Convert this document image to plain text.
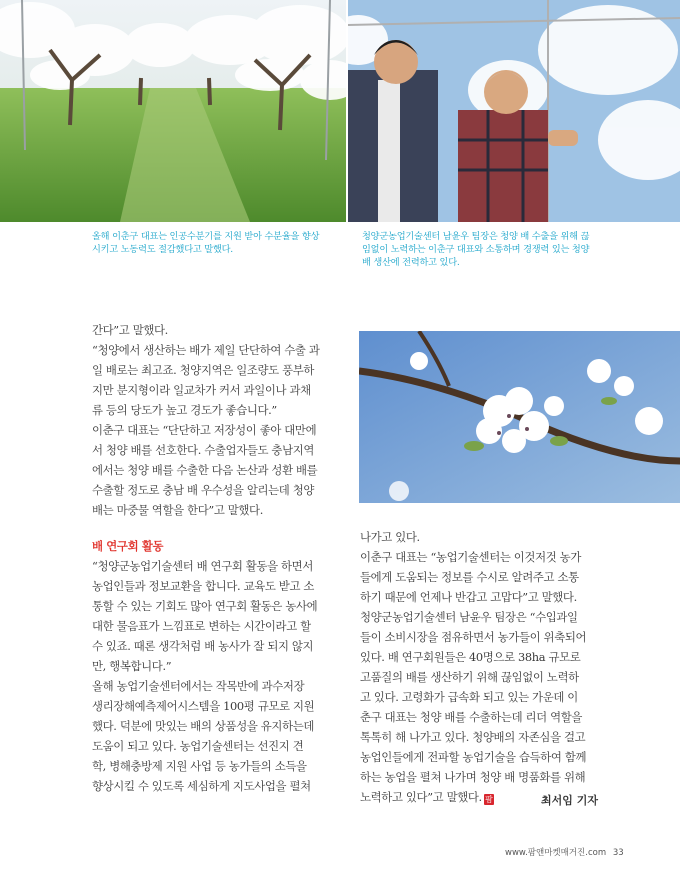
올해 이춘구 대표는 인공수분기를 지원 받아 수분율을 향상
시키고 노동력도 절감했다고 말했다.
청양군농업기술센터 남윤우 팀장은 청양 배 수출을 위해 끊
임없이 노력하는 이춘구 대표와 소통하며 경쟁력 있는 청양
배 생산에 전력하고 있다.

간다”고 말했다.

“청양에서 생산하는 배가 제일 단단하여 수출 과

일 배로는 최고죠. 청양지역은 일조량도 풍부하

지만 분지형이라 일교차가 커서 과일이나 과채

류 등의 당도가 높고 경도가 좋습니다.”

이춘구 대표는 “단단하고 저장성이 좋아 대만에

서 청양 배를 선호한다. 수출업자들도 충남지역

에서는 청양 배를 수출한 다음 논산과 성환 배를

수출할 정도로 충남 배 우수성을 알리는데 청양

배는 마중물 역할을 한다”고 말했다.

배 연구회 활동

“청양군농업기술센터 배 연구회 활동을 하면서

농업인들과 정보교환을 합니다. 교육도 받고 소

통할 수 있는 기회도 많아 연구회 활동은 농사에

대한 물음표가 느낌표로 변하는 시간이라고 할

수 있죠. 때론 생각처럼 배 농사가 잘 되지 않지

만, 행복합니다.”

올해 농업기술센터에서는 작목반에 과수저장

생리장해예측제어시스템을 100평 규모로 지원

했다. 덕분에 맛있는 배의 상품성을 유지하는데

도움이 되고 있다. 농업기술센터는 선진지 견

학, 병해충방제 지원 사업 등 농가들의 소득을

향상시킬 수 있도록 세심하게 지도사업을 펼쳐

나가고 있다.

이춘구 대표는 “농업기술센터는 이것저것 농가

들에게 도움되는 정보를 수시로 알려주고 소통

하기 때문에 언제나 반갑고 고맙다”고 말했다.

청양군농업기술센터 남윤우 팀장은 “수입과일

들이 소비시장을 점유하면서 농가들이 위축되어

있다. 배 연구회원들은 40명으로 38ha 규모로

고품질의 배를 생산하기 위해 끊임없이 노력하

고 있다. 고령화가 급속화 되고 있는 가운데 이

춘구 대표는 청양 배를 수출하는데 리더 역할을

톡톡히 해 나가고 있다. 청양배의 자존심을 걸고

농업인들에게 전파할 농업기술을 습득하여 함께

하는 농업을 펼쳐 나가며 청양 배 명품화를 위해

노력하고 있다”고 말했다. 팜	최서임 기자
www.팜앤마켓매거진.com 33
